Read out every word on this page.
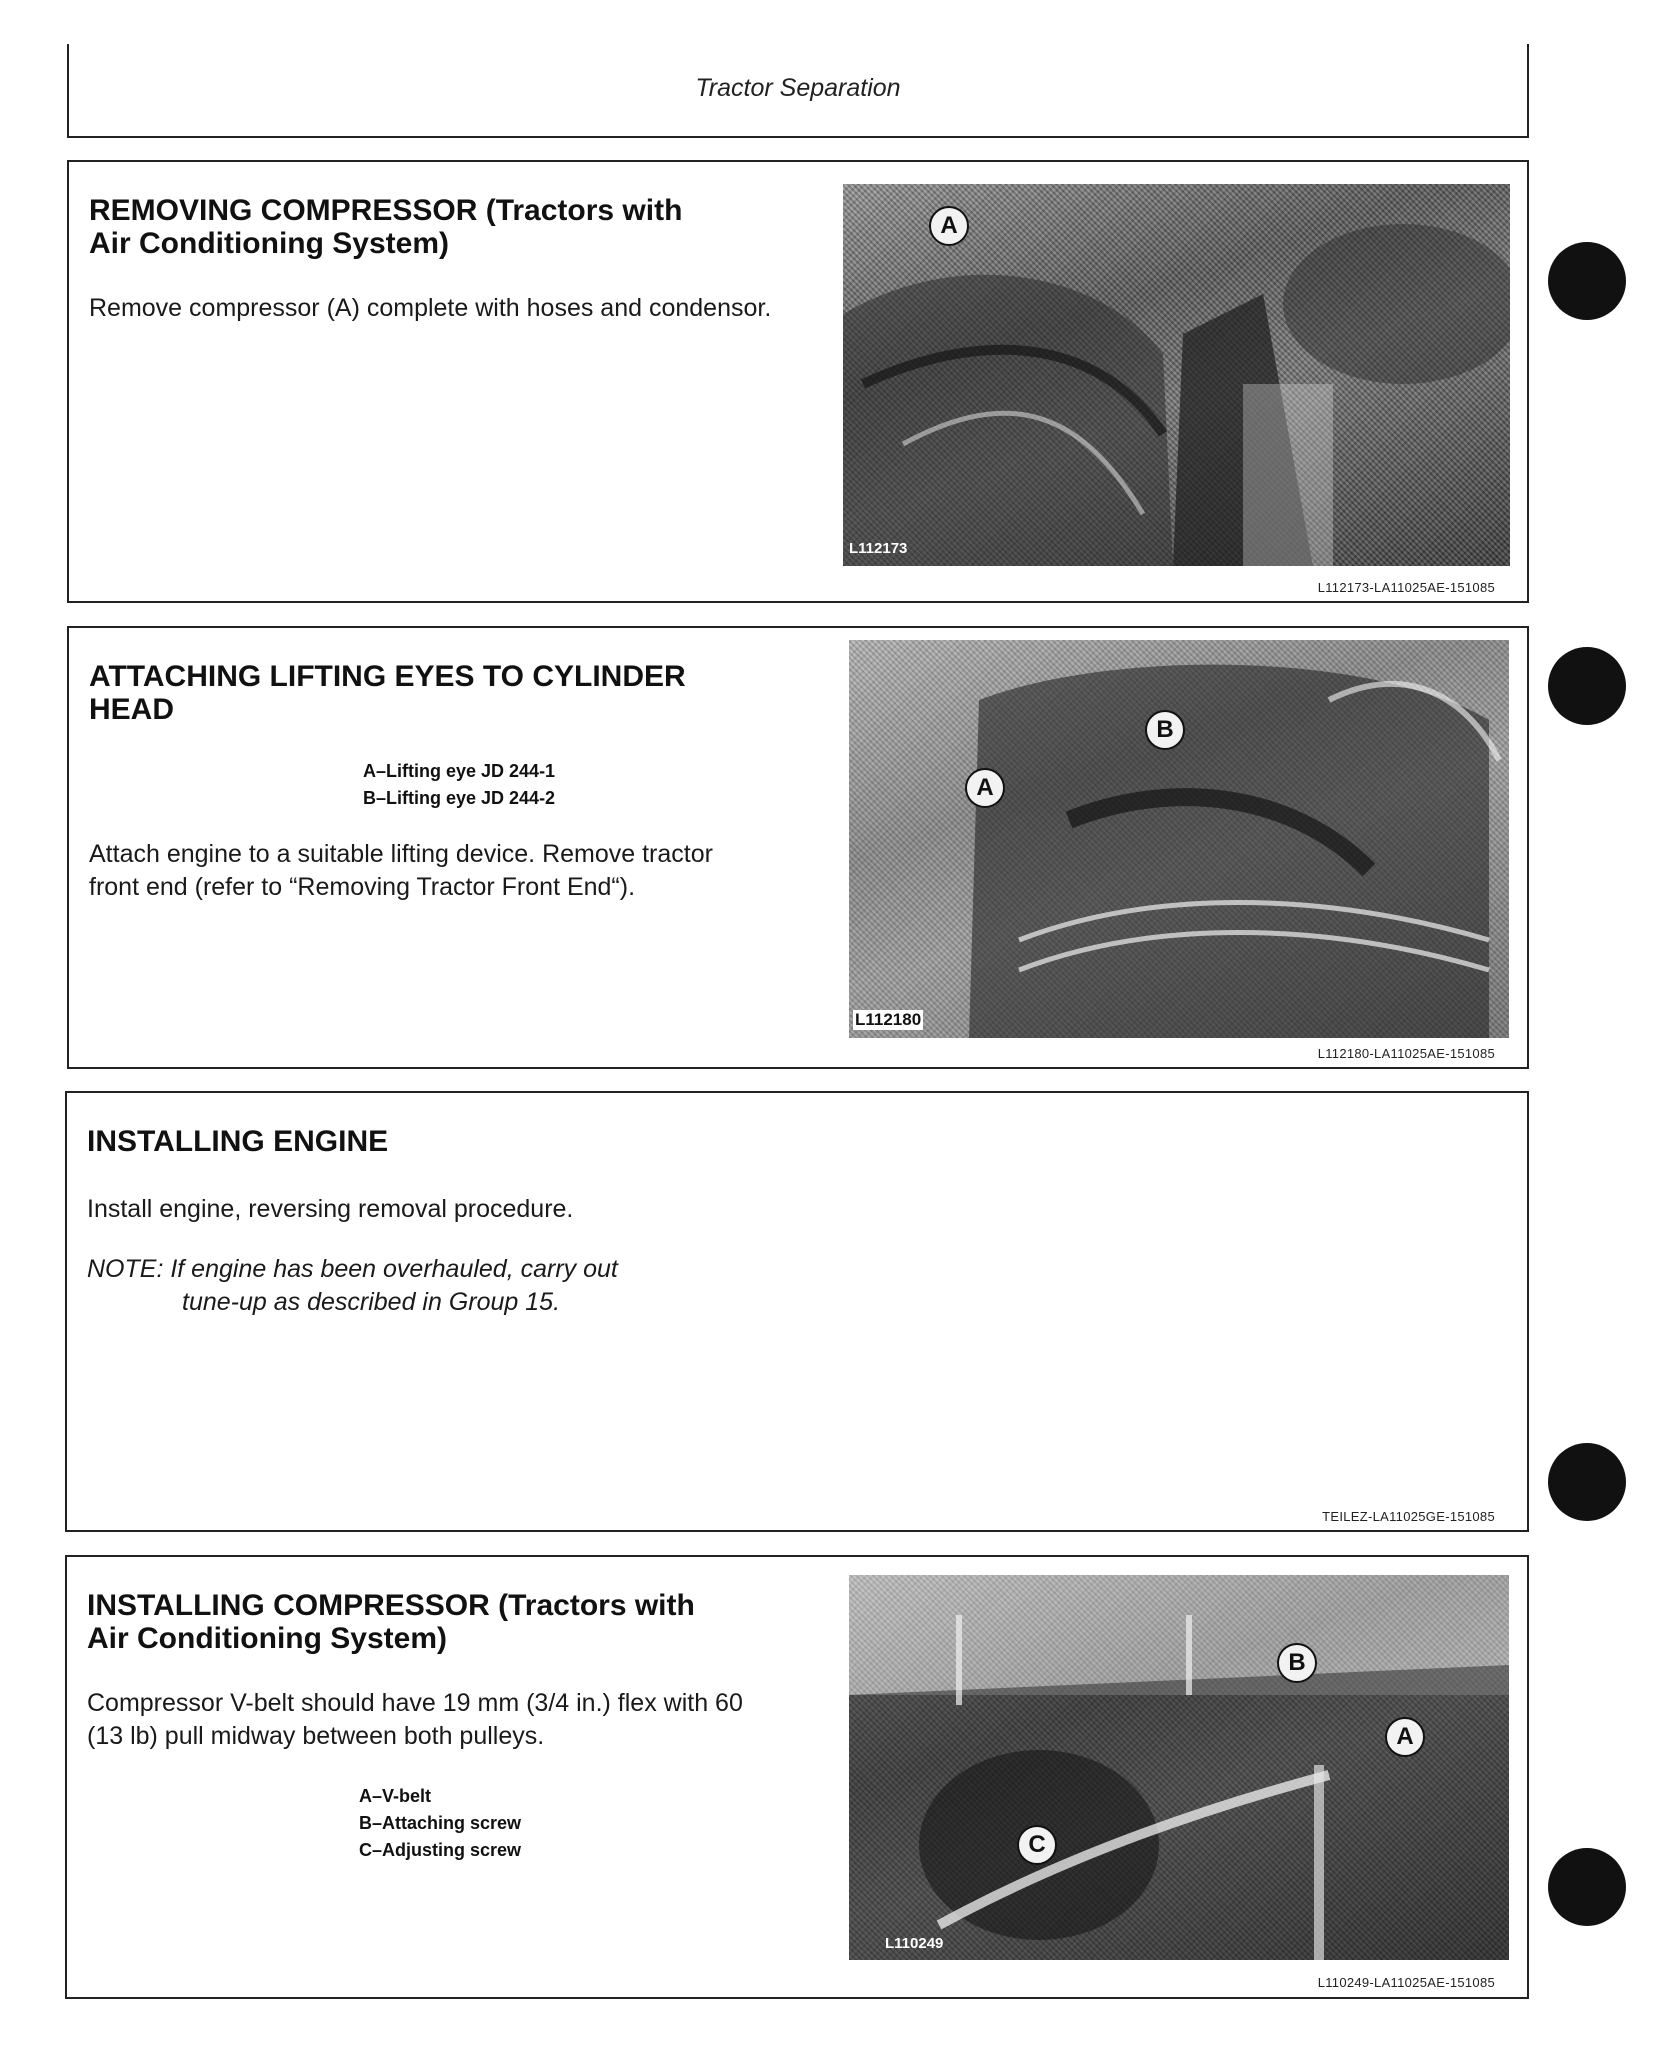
Tractor Separation
REMOVING COMPRESSOR (Tractors with Air Conditioning System)
Remove compressor (A) complete with hoses and condensor.
A
L112173
L112173-LA11025AE-151085
ATTACHING LIFTING EYES TO CYLINDER HEAD
A–Lifting eye JD 244-1
B–Lifting eye JD 244-2
Attach engine to a suitable lifting device. Remove tractor front end (refer to “Removing Tractor Front End“).
A
B
L112180
L112180-LA11025AE-151085
INSTALLING ENGINE
Install engine, reversing removal procedure.
NOTE: If engine has been overhauled, carry out
tune-up as described in Group 15.
TEILEZ-LA11025GE-151085
INSTALLING COMPRESSOR (Tractors with Air Conditioning System)
Compressor V-belt should have 19 mm (3/4 in.) flex with 60 (13 lb) pull midway between both pulleys.
A–V-belt
B–Attaching screw
C–Adjusting screw
A
B
C
L110249
L110249-LA11025AE-151085
